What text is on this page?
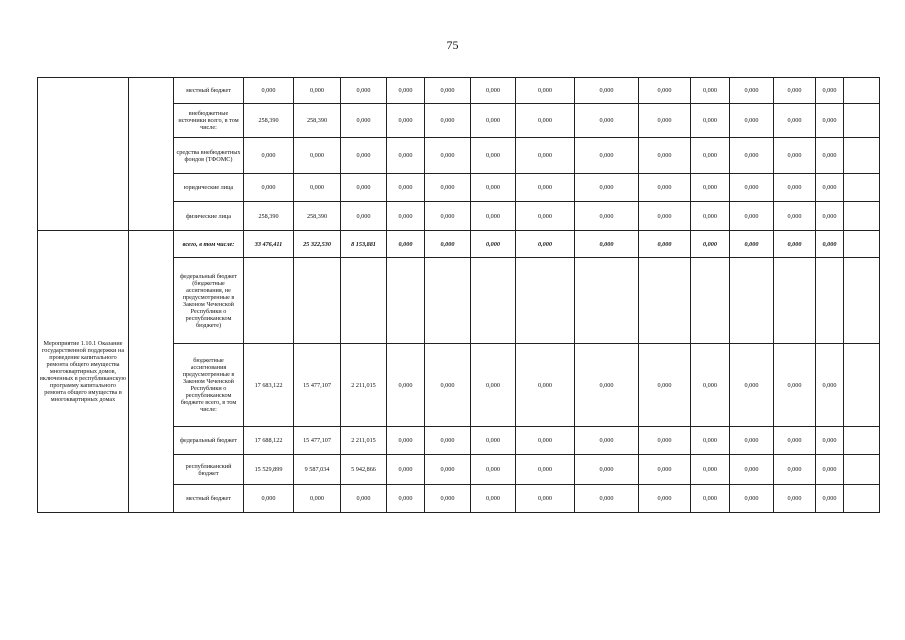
75
		местный бюджет	0,000	0,000	0,000	0,000	0,000	0,000	0,000	0,000	0,000	0,000	0,000	0,000	0,000	
		внебюджетные источники всего, в том числе:	258,390	258,390	0,000	0,000	0,000	0,000	0,000	0,000	0,000	0,000	0,000	0,000	0,000	
		средства внебюджетных фондов (ТФОМС)	0,000	0,000	0,000	0,000	0,000	0,000	0,000	0,000	0,000	0,000	0,000	0,000	0,000	
		юридические лица	0,000	0,000	0,000	0,000	0,000	0,000	0,000	0,000	0,000	0,000	0,000	0,000	0,000	
		физические лица	258,390	258,390	0,000	0,000	0,000	0,000	0,000	0,000	0,000	0,000	0,000	0,000	0,000	
Мероприятие 1.10.1 Оказание государственной поддержки на проведение капитального ремонта общего имущества многоквартирных домов, включенных в республиканскую программу капитального ремонта общего имущества в многоквартирных домах		всего, в том числе:	33 476,411	25 322,530	8 153,881	0,000	0,000	0,000	0,000	0,000	0,000	0,000	0,000	0,000	0,000	
		федеральный бюджет (бюджетные ассигнования, не предусмотренные в Законом Чеченской Республики о республиканском бюджете)														
		бюджетные ассигнования предусмотренные в Законом Чеченской Республики о республиканском бюджете всего, в том числе:	17 683,122	15 477,107	2 211,015	0,000	0,000	0,000	0,000	0,000	0,000	0,000	0,000	0,000	0,000	
		федеральный бюджет	17 688,122	15 477,107	2 211,015	0,000	0,000	0,000	0,000	0,000	0,000	0,000	0,000	0,000	0,000	
		республиканский бюджет	15 529,899	9 587,034	5 942,866	0,000	0,000	0,000	0,000	0,000	0,000	0,000	0,000	0,000	0,000	
		местный бюджет	0,000	0,000	0,000	0,000	0,000	0,000	0,000	0,000	0,000	0,000	0,000	0,000	0,000	
